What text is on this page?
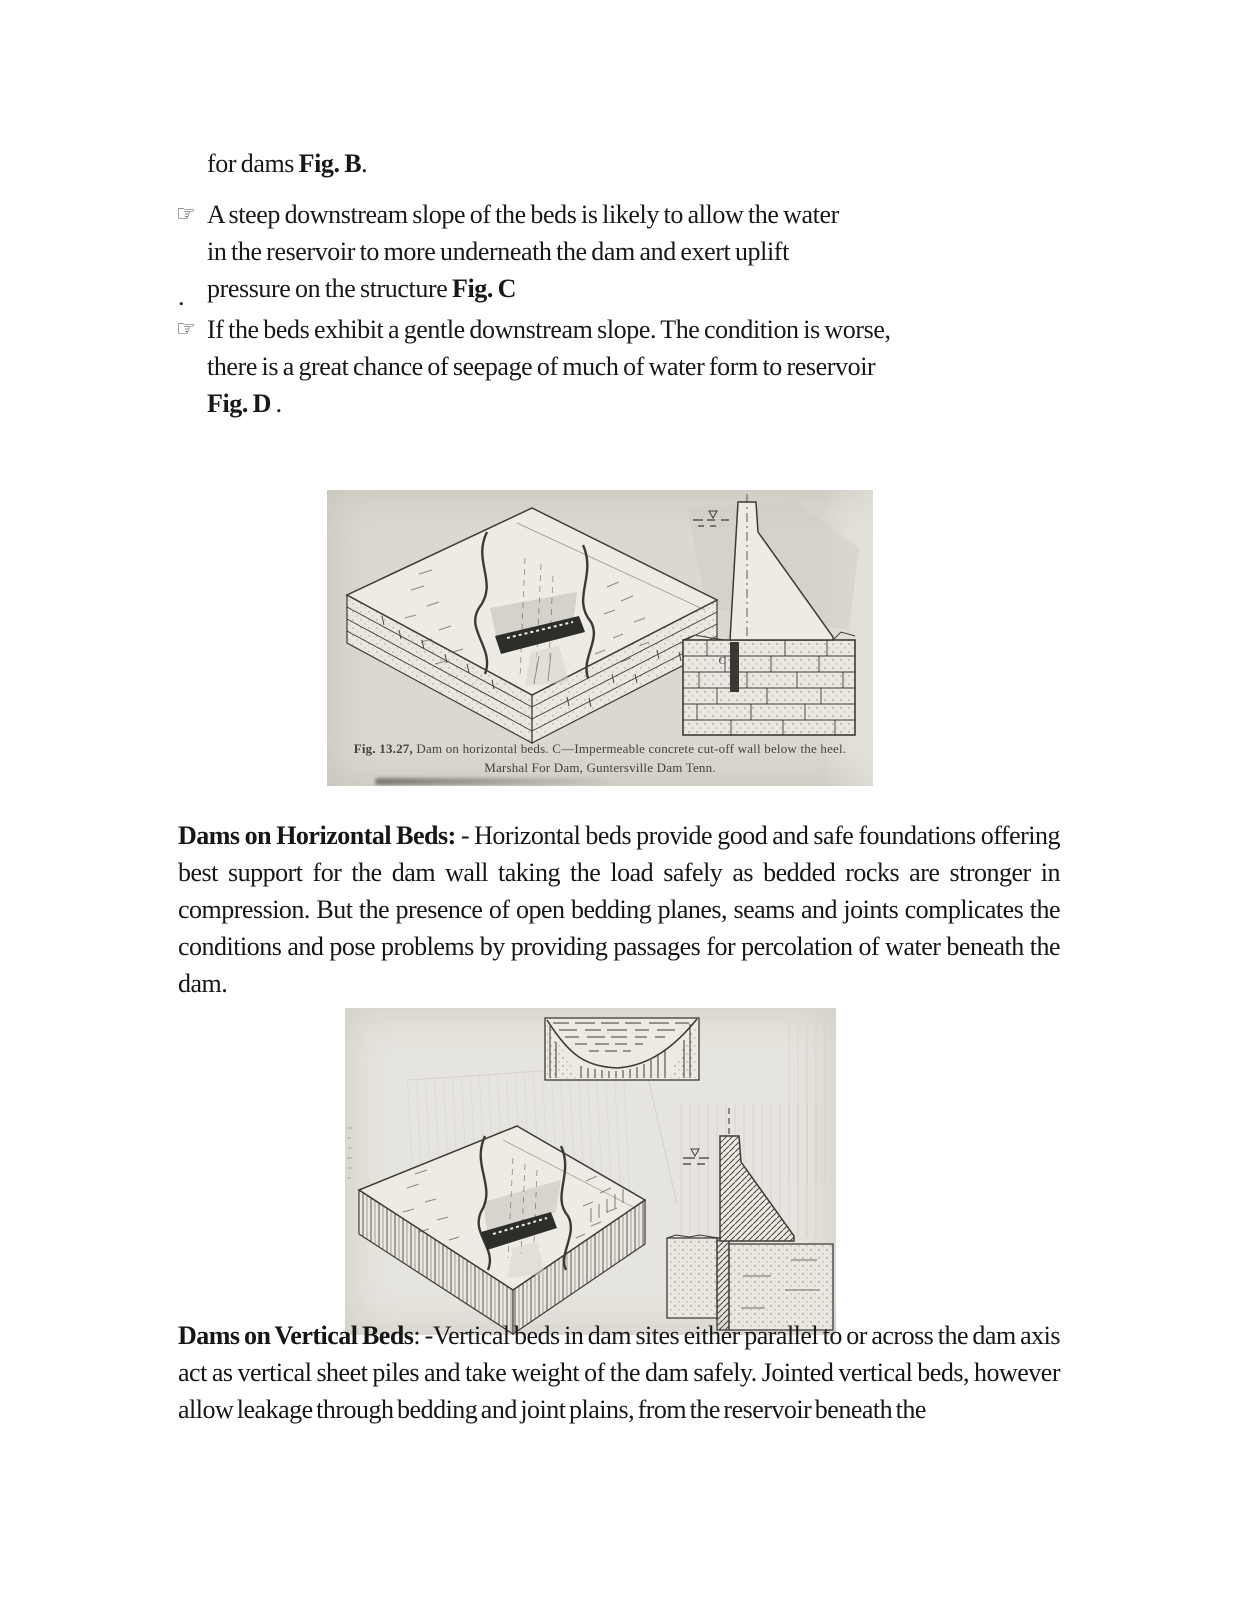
for dams Fig. B.
☞ A steep downstream slope of the beds is likely to allow the water in the reservoir to more underneath the dam and exert uplift pressure on the structure Fig. C
.
☞ If the beds exhibit a gentle downstream slope. The condition is worse, there is a great chance of seepage of much of water form to reservoir Fig. D .
C
Fig. 13.27, Dam on horizontal beds. C—Impermeable concrete cut-off wall below the heel.
Marshal For Dam, Guntersville Dam Tenn.
Dams on Horizontal Beds: - Horizontal beds provide good and safe foundations offering best support for the dam wall taking the load safely as bedded rocks are stronger in compression. But the presence of open bedding planes, seams and joints complicates the conditions and pose problems by providing passages for percolation of water beneath the dam.
Dams on Vertical Beds: -Vertical beds in dam sites either parallel to or across the dam axis act as vertical sheet piles and take weight of the dam safely. Jointed vertical beds, however allow leakage through bedding and joint plains, from the reservoir beneath the
